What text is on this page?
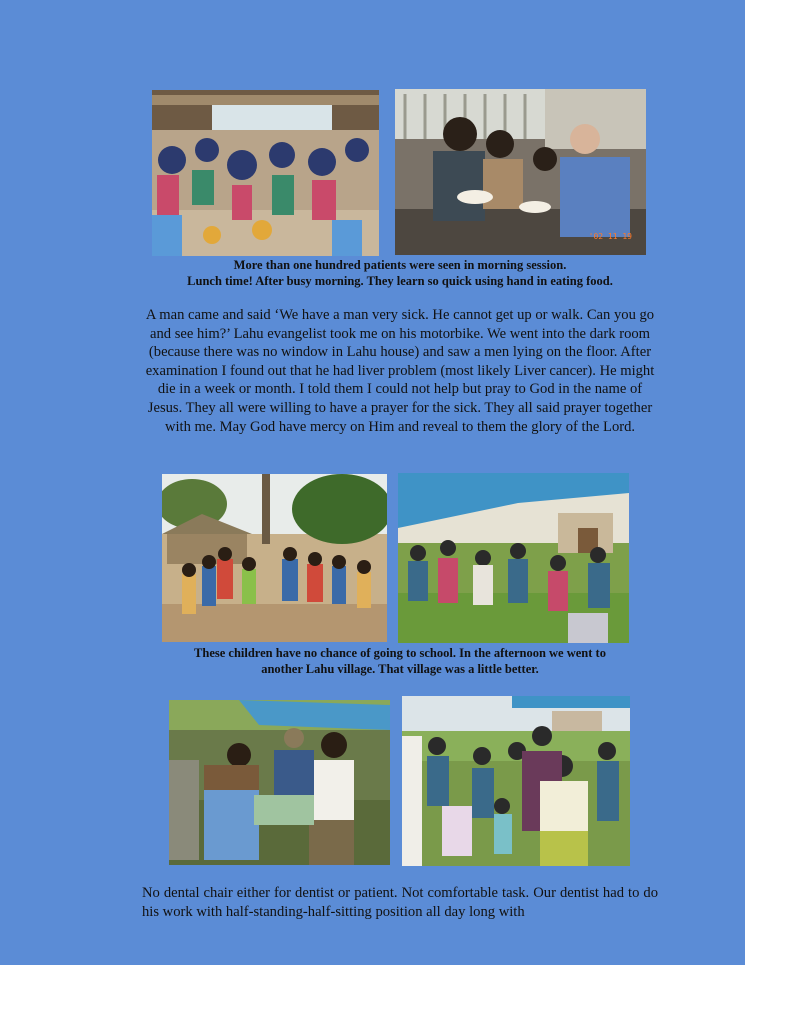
'02 11 19
More than one hundred patients were seen in morning session.
Lunch time! After busy morning. They learn so quick using hand in eating food.
A man came and said ‘We have a man very sick. He cannot get up or walk. Can you go and see him?’ Lahu evangelist took me on his motorbike. We went into the dark room (because there was no window in Lahu house) and saw a men lying on the floor. After examination I found out that he had liver problem (most likely Liver cancer). He might die in a week or month. I told them I could not help but pray to God in the name of Jesus. They all were willing to have a prayer for the sick. They all said prayer together with me. May God have mercy on Him and reveal to them the glory of the Lord.
These children have no chance of going to school. In the afternoon we went to
another Lahu village. That village was a little better.
No dental chair either for dentist or patient. Not comfortable task. Our dentist had to do his work with half-standing-half-sitting position all day long with
